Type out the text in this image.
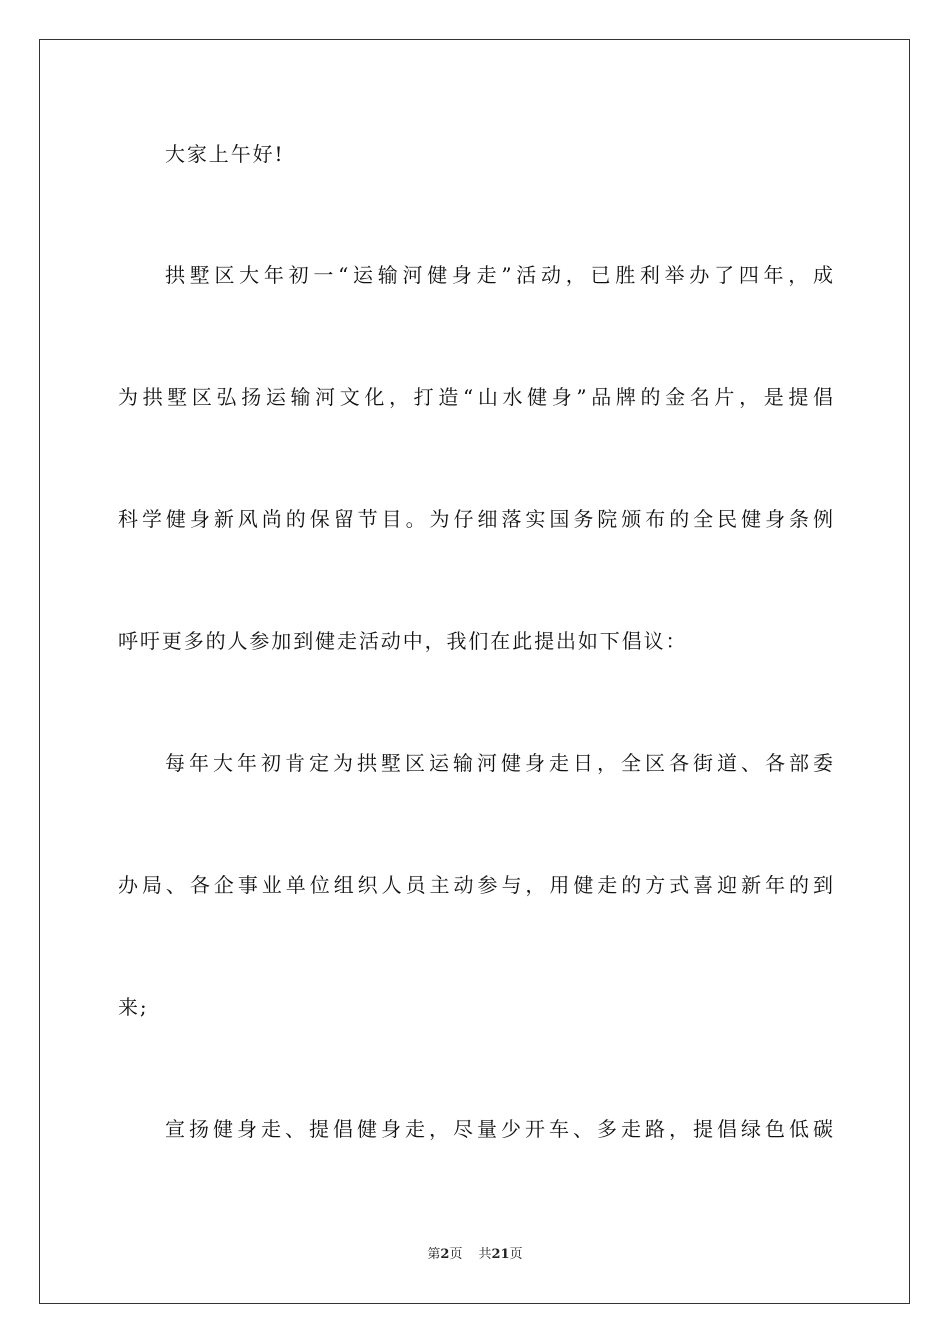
大家上午好!
拱墅区大年初一“运输河健身走”活动，已胜利举办了四年，成
为拱墅区弘扬运输河文化，打造“山水健身”品牌的金名片，是提倡
科学健身新风尚的保留节目。为仔细落实国务院颁布的全民健身条例
呼吁更多的人参加到健走活动中，我们在此提出如下倡议：
每年大年初肯定为拱墅区运输河健身走日，全区各街道、各部委
办局、各企事业单位组织人员主动参与，用健走的方式喜迎新年的到
来;
宣扬健身走、提倡健身走，尽量少开车、多走路，提倡绿色低碳
第2页 共21页
